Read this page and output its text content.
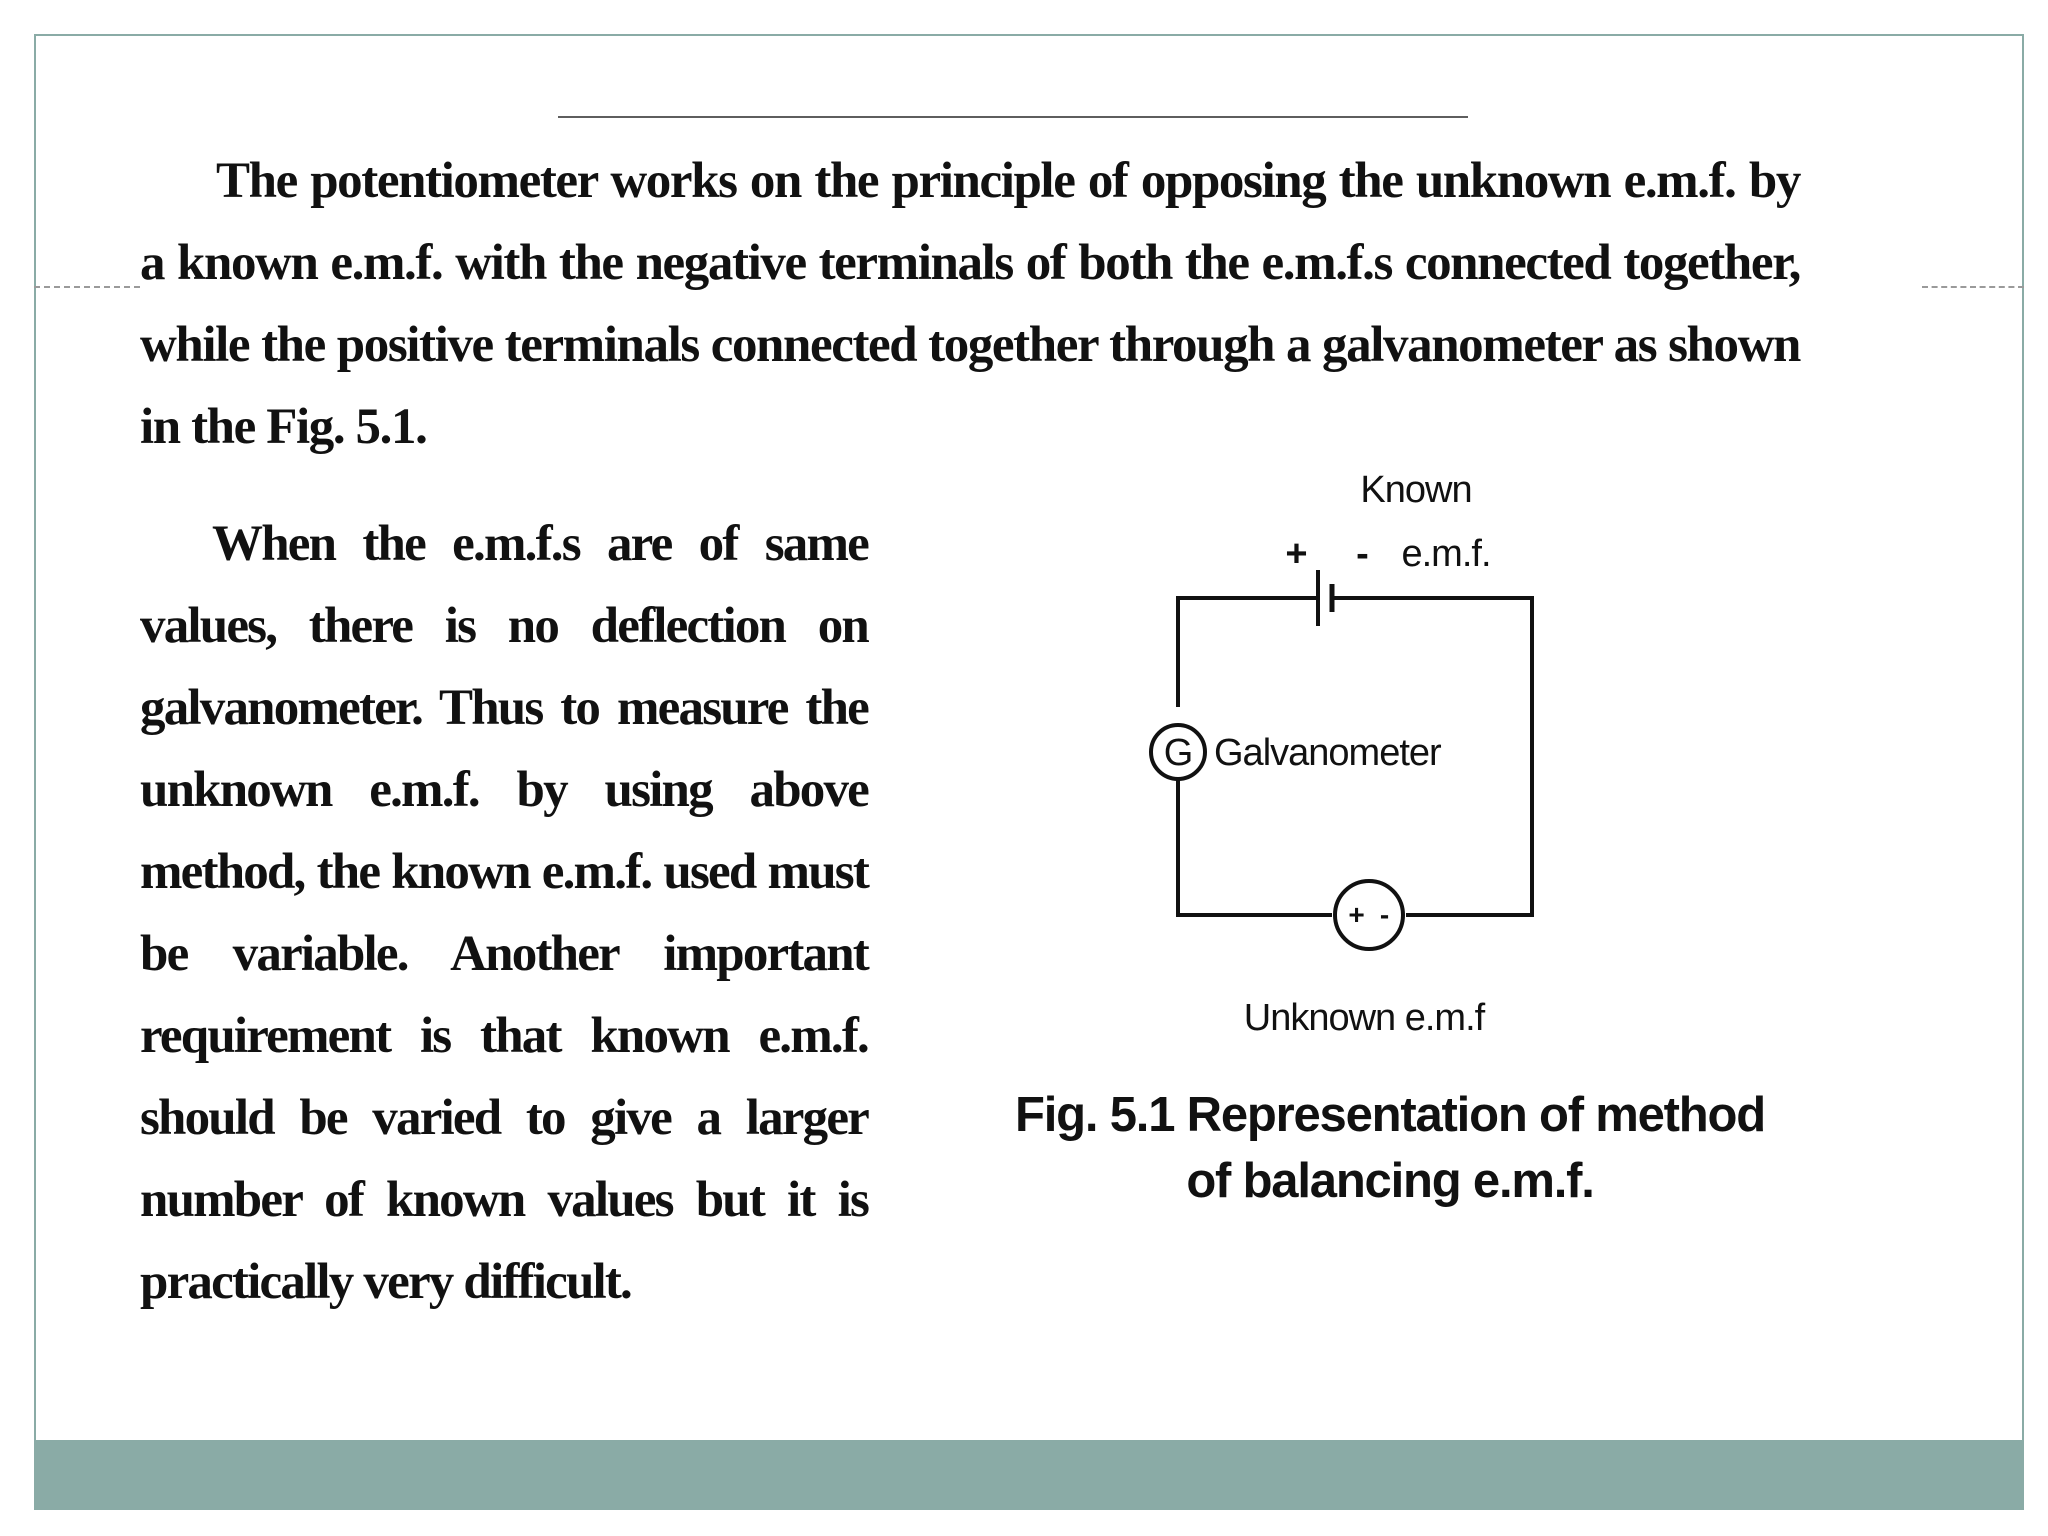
The potentiometer works on the principle of opposing the unknown e.m.f. by a known e.m.f. with the negative terminals of both the e.m.f.s connected together, while the positive terminals connected together through a galvanometer as shown in the Fig. 5.1.

When the e.m.f.s are of same values, there is no deflection on galvanometer. Thus to measure the unknown e.m.f. by using above method, the known e.m.f. used must be variable. Another important requirement is that known e.m.f. should be varied to give a larger number of known values but it is practically very difficult.

G
+ -
Known
+ - e.m.f.
Galvanometer
Unknown e.m.f

Fig. 5.1 Representation of method of balancing e.m.f.
